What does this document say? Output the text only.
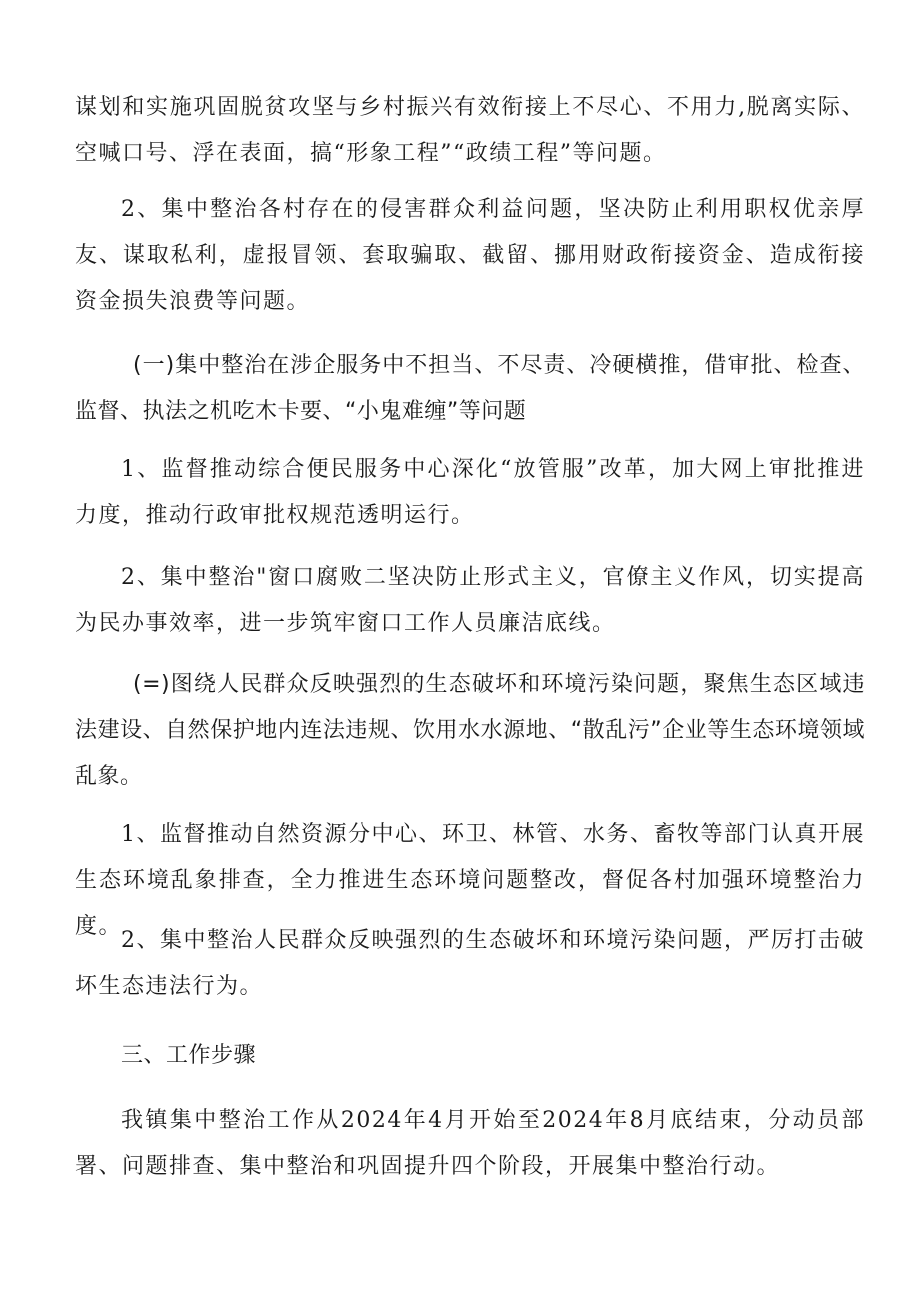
谋划和实施巩固脱贫攻坚与乡村振兴有效衔接上不尽心、不用力,脱离实际、空喊口号、浮在表面，搞“形象工程”“政绩工程”等问题。

2、集中整治各村存在的侵害群众利益问题，坚决防止利用职权优亲厚友、谋取私利，虚报冒领、套取骗取、截留、挪用财政衔接资金、造成衔接资金损失浪费等问题。

(一)集中整治在涉企服务中不担当、不尽责、冷硬横推，借审批、检查、监督、执法之机吃木卡要、“小鬼难缠”等问题

1、监督推动综合便民服务中心深化“放管服”改革，加大网上审批推进力度，推动行政审批权规范透明运行。

2、集中整治"窗口腐败二坚决防止形式主义，官僚主义作风，切实提高为民办事效率，进一步筑牢窗口工作人员廉洁底线。

(=)图绕人民群众反映强烈的生态破坏和环境污染问题，聚焦生态区域违法建设、自然保护地内连法违规、饮用水水源地、“散乱污”企业等生态环境领域乱象。

1、监督推动自然资源分中心、环卫、林管、水务、畜牧等部门认真开展生态环境乱象排查，全力推进生态环境问题整改，督促各村加强环境整治力度。

2、集中整治人民群众反映强烈的生态破坏和环境污染问题，严厉打击破坏生态违法行为。

三、工作步骤

我镇集中整治工作从2024年4月开始至2024年8月底结束，分动员部署、问题排查、集中整治和巩固提升四个阶段，开展集中整治行动。
